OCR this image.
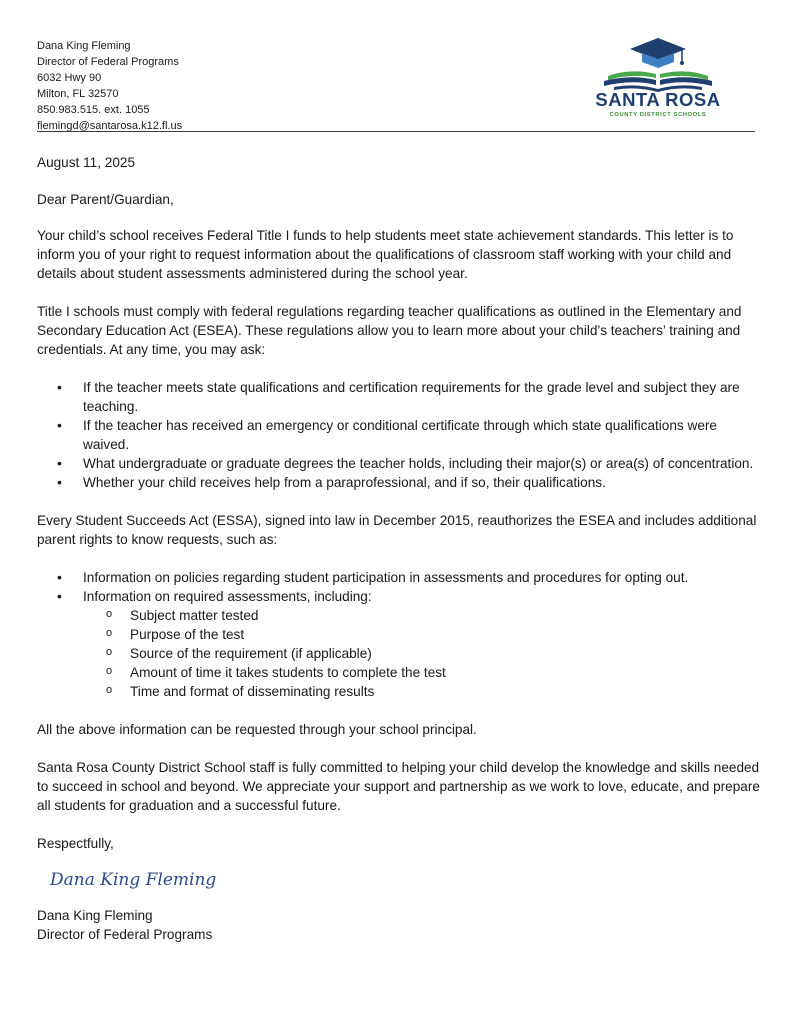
Dana King Fleming
Director of Federal Programs
6032 Hwy 90
Milton, FL 32570
850.983.515. ext. 1055
flemingd@santarosa.k12.fl.us
SANTA ROSA
COUNTY DISTRICT SCHOOLS

August 11, 2025

Dear Parent/Guardian,

Your child’s school receives Federal Title I funds to help students meet state achievement standards. This letter is to inform you of your right to request information about the qualifications of classroom staff working with your child and details about student assessments administered during the school year.

Title I schools must comply with federal regulations regarding teacher qualifications as outlined in the Elementary and Secondary Education Act (ESEA). These regulations allow you to learn more about your child’s teachers’ training and credentials. At any time, you may ask:

• If the teacher meets state qualifications and certification requirements for the grade level and subject they are teaching.
• If the teacher has received an emergency or conditional certificate through which state qualifications were waived.
• What undergraduate or graduate degrees the teacher holds, including their major(s) or area(s) of concentration.
• Whether your child receives help from a paraprofessional, and if so, their qualifications.

Every Student Succeeds Act (ESSA), signed into law in December 2015, reauthorizes the ESEA and includes additional parent rights to know requests, such as:

• Information on policies regarding student participation in assessments and procedures for opting out.
• Information on required assessments, including:
o Subject matter tested
o Purpose of the test
o Source of the requirement (if applicable)
o Amount of time it takes students to complete the test
o Time and format of disseminating results

All the above information can be requested through your school principal.

Santa Rosa County District School staff is fully committed to helping your child develop the knowledge and skills needed to succeed in school and beyond. We appreciate your support and partnership as we work to love, educate, and prepare all students for graduation and a successful future.

Respectfully,

Dana King Fleming

Dana King Fleming

Director of Federal Programs
